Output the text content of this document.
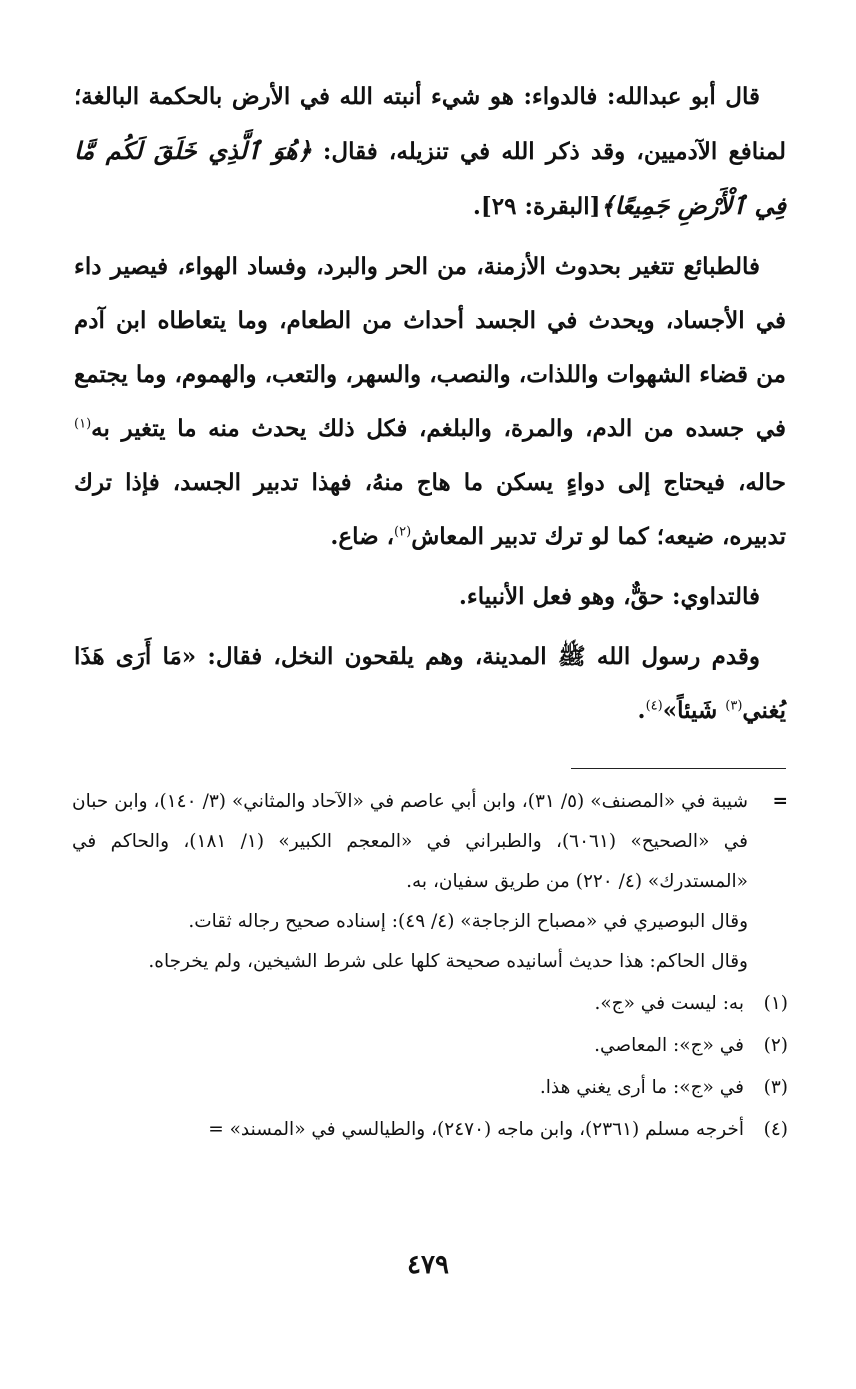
قال أبو عبدالله: فالدواء: هو شيء أنبته الله في الأرض بالحكمة البالغة؛ لمنافع الآدميين، وقد ذكر الله في تنزيله، فقال: ﴿هُوَ ٱلَّذِي خَلَقَ لَكُم مَّا فِي ٱلْأَرْضِ جَمِيعًا﴾[البقرة: ٢٩].

فالطبائع تتغير بحدوث الأزمنة، من الحر والبرد، وفساد الهواء، فيصير داء في الأجساد، ويحدث في الجسد أحداث من الطعام، وما يتعاطاه ابن آدم من قضاء الشهوات واللذات، والنصب، والسهر، والتعب، والهموم، وما يجتمع في جسده من الدم، والمرة، والبلغم، فكل ذلك يحدث منه ما يتغير به$^{(١)}$ حاله، فيحتاج إلى دواءٍ يسكن ما هاج منهُ، فهذا تدبير الجسد، فإذا ترك تدبيره، ضيعه؛ كما لو ترك تدبير المعاش$^{(٢)}$، ضاع.

فالتداوي: حقٌّ، وهو فعل الأنبياء.

وقدم رسول الله ﷺ المدينة، وهم يلقحون النخل، فقال: «مَا أَرَى هَذَا يُغني$^{(٣)}$ شَيئاً»$^{(٤)}$.

=

شيبة في «المصنف» (٥/ ٣١)، وابن أبي عاصم في «الآحاد والمثاني» (٣/ ١٤٠)، وابن حبان في «الصحيح» (٦٠٦١)، والطبراني في «المعجم الكبير» (١/ ١٨١)، والحاكم في «المستدرك» (٤/ ٢٢٠) من طريق سفيان، به.

وقال البوصيري في «مصباح الزجاجة» (٤/ ٤٩): إسناده صحيح رجاله ثقات.

وقال الحاكم: هذا حديث أسانيده صحيحة كلها على شرط الشيخين، ولم يخرجاه.

(١)
به: ليست في «ج».
(٢)
في «ج»: المعاصي.
(٣)
في «ج»: ما أرى يغني هذا.
(٤)
أخرجه مسلم (٢٣٦١)، وابن ماجه (٢٤٧٠)، والطيالسي في «المسند» =
٤٧٩
